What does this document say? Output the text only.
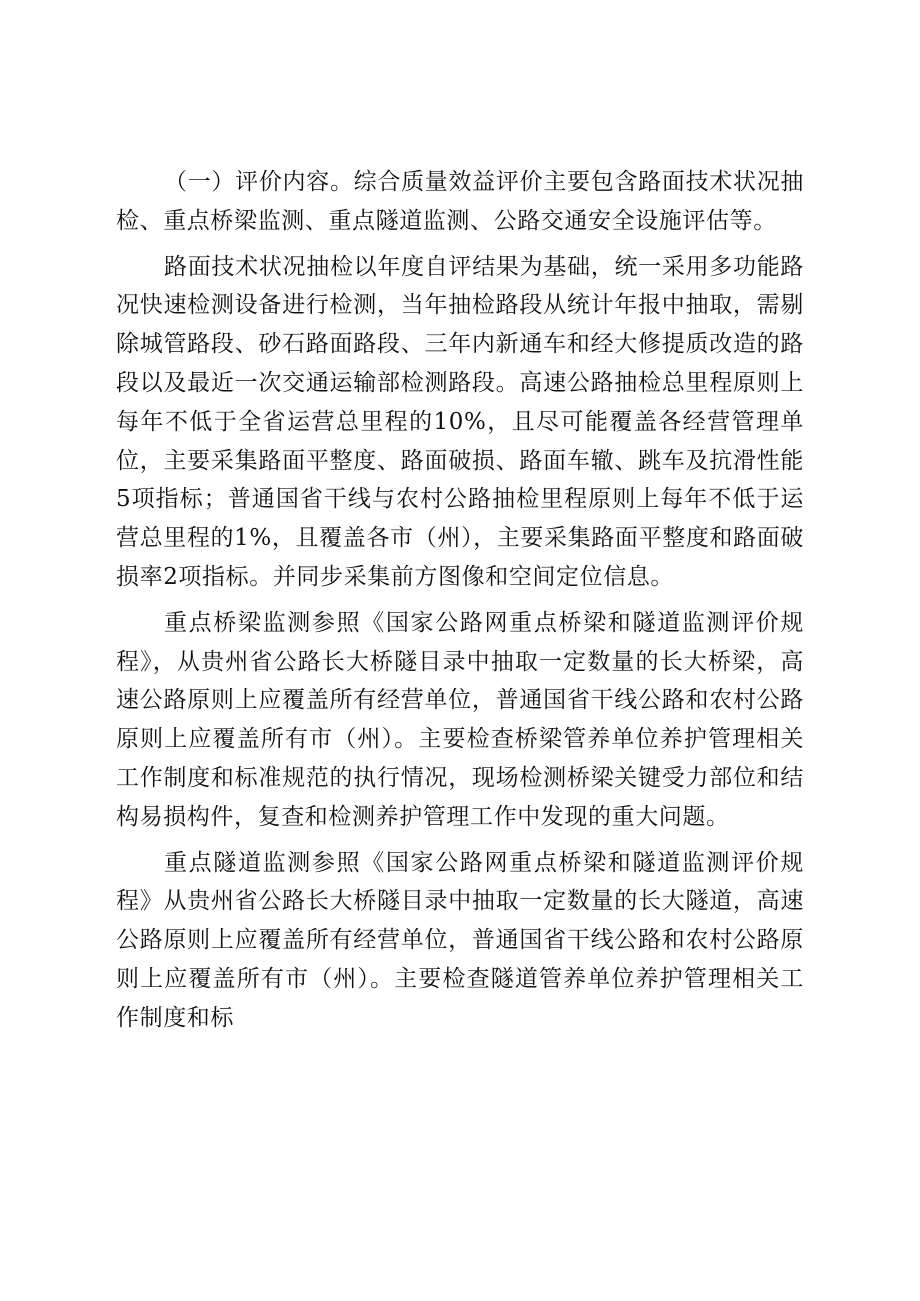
（一）评价内容。综合质量效益评价主要包含路面技术状况抽检、重点桥梁监测、重点隧道监测、公路交通安全设施评估等。

路面技术状况抽检以年度自评结果为基础，统一采用多功能路况快速检测设备进行检测，当年抽检路段从统计年报中抽取，需剔除城管路段、砂石路面路段、三年内新通车和经大修提质改造的路段以及最近一次交通运输部检测路段。高速公路抽检总里程原则上每年不低于全省运营总里程的10%，且尽可能覆盖各经营管理单位，主要采集路面平整度、路面破损、路面车辙、跳车及抗滑性能5项指标；普通国省干线与农村公路抽检里程原则上每年不低于运营总里程的1%，且覆盖各市（州），主要采集路面平整度和路面破损率2项指标。并同步采集前方图像和空间定位信息。

重点桥梁监测参照《国家公路网重点桥梁和隧道监测评价规程》，从贵州省公路长大桥隧目录中抽取一定数量的长大桥梁，高速公路原则上应覆盖所有经营单位，普通国省干线公路和农村公路原则上应覆盖所有市（州）。主要检查桥梁管养单位养护管理相关工作制度和标准规范的执行情况，现场检测桥梁关键受力部位和结构易损构件，复查和检测养护管理工作中发现的重大问题。

重点隧道监测参照《国家公路网重点桥梁和隧道监测评价规程》从贵州省公路长大桥隧目录中抽取一定数量的长大隧道，高速公路原则上应覆盖所有经营单位，普通国省干线公路和农村公路原则上应覆盖所有市（州）。主要检查隧道管养单位养护管理相关工作制度和标
